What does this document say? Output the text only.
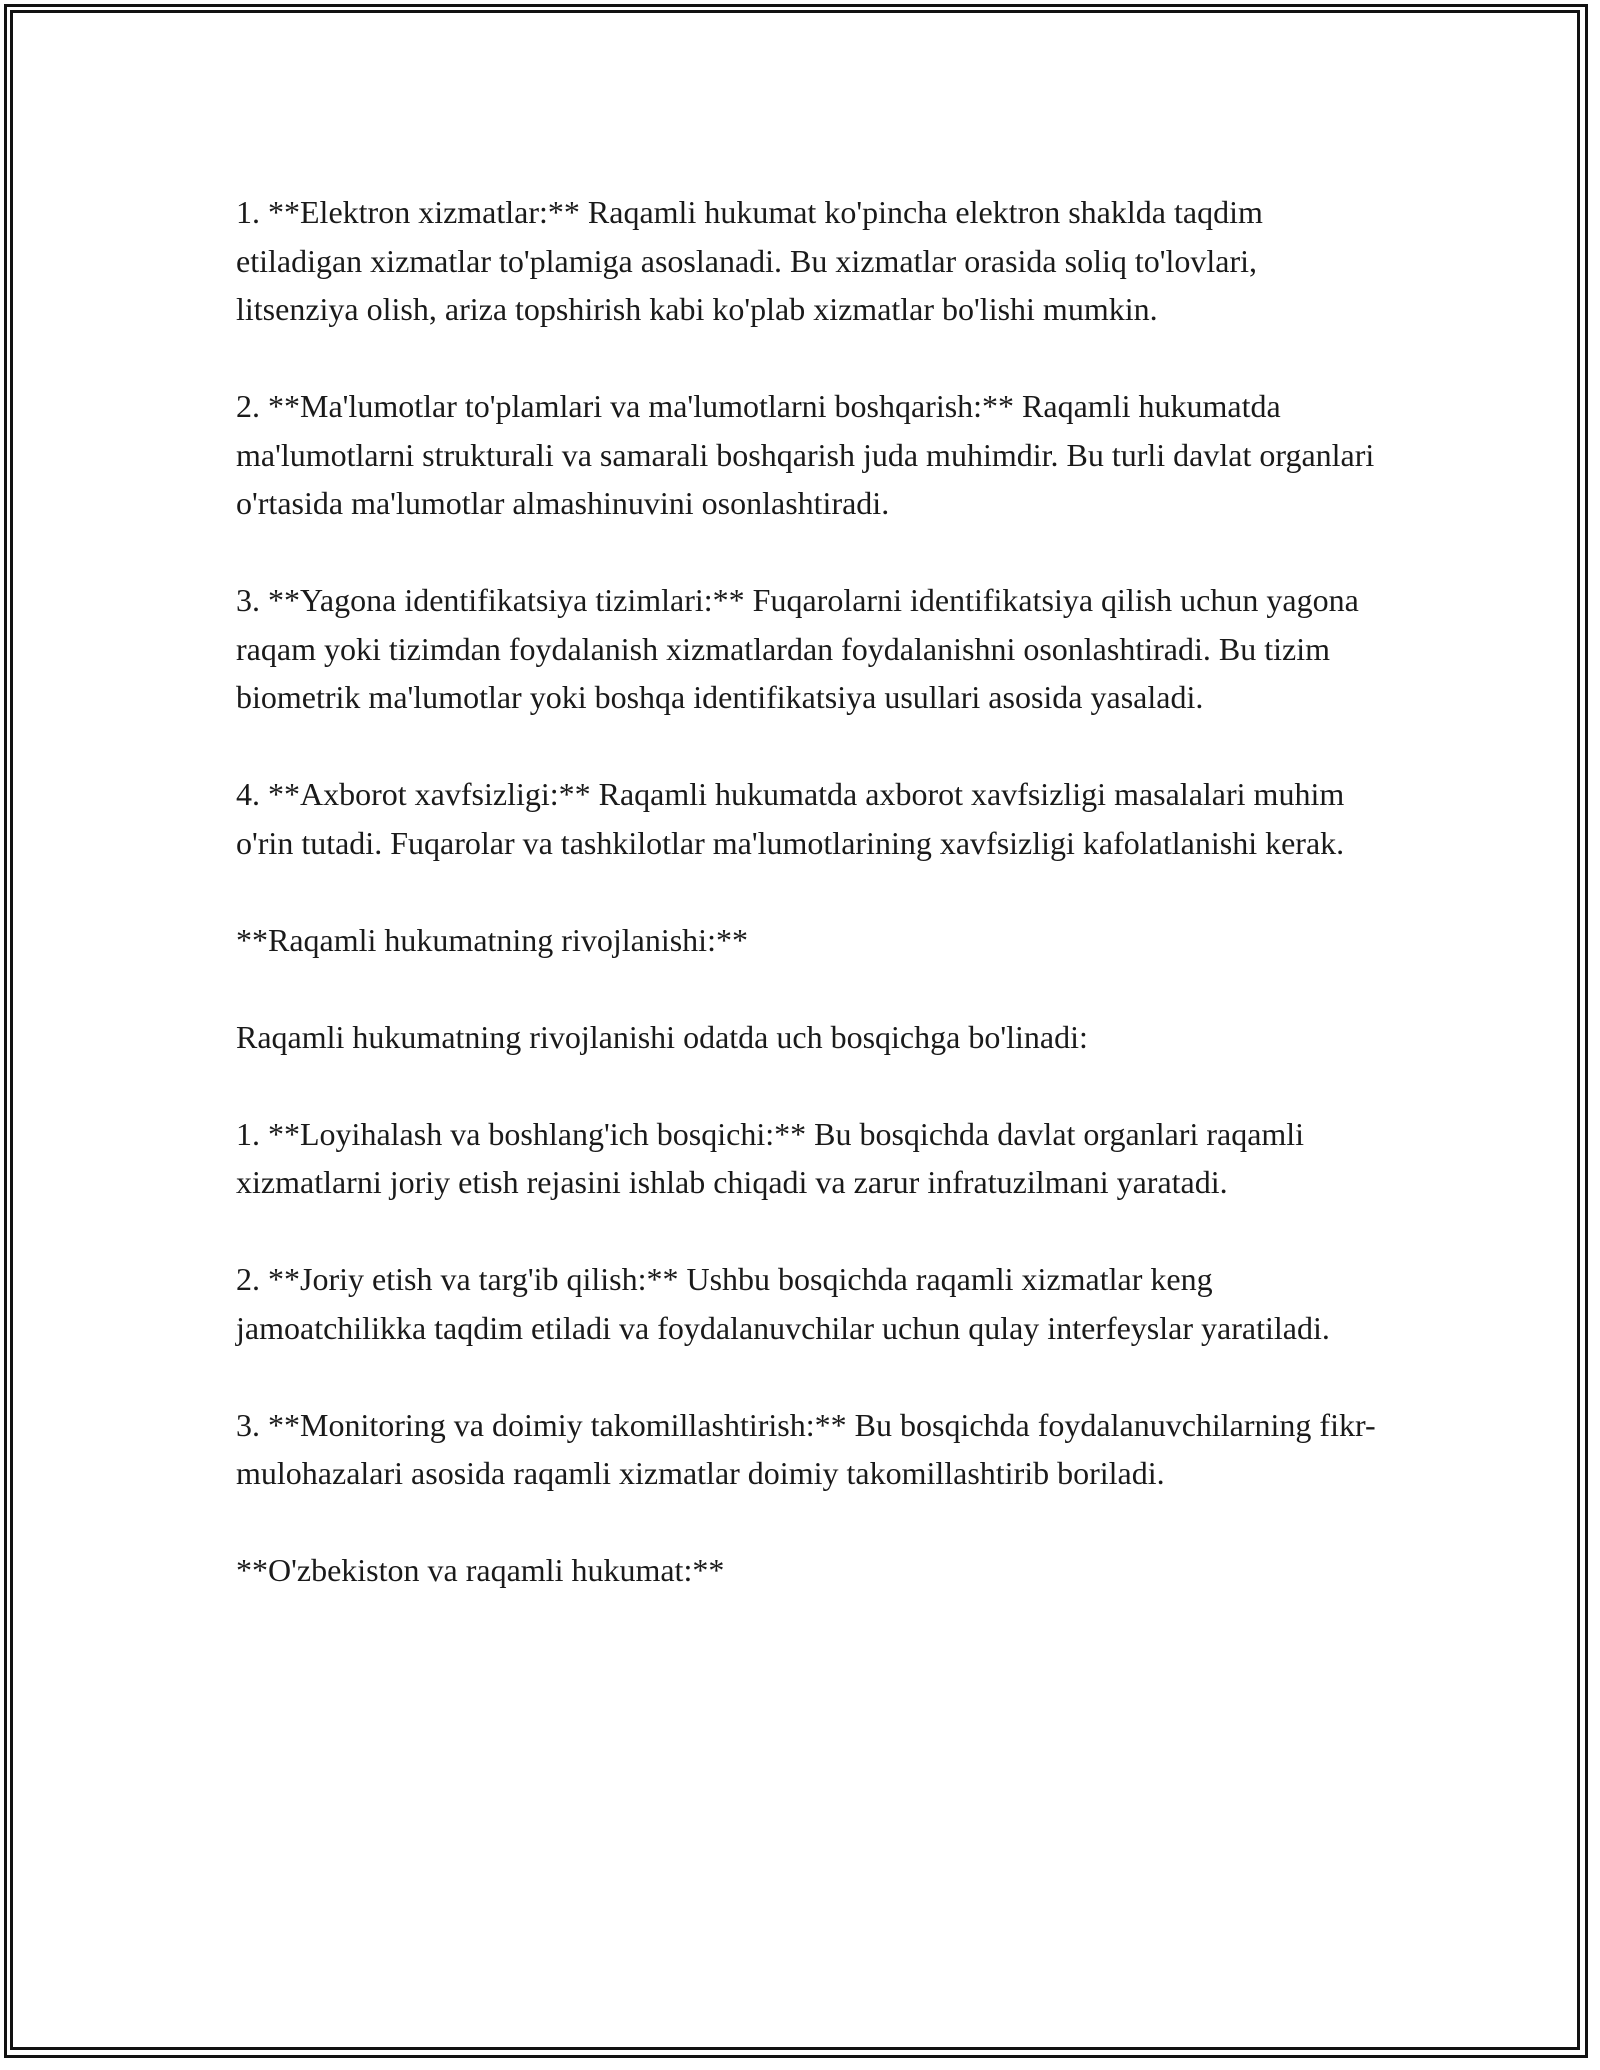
1. **Elektron xizmatlar:** Raqamli hukumat ko'pincha elektron shakldа taqdim etiladigan xizmatlar to'plamiga asoslanadi. Bu xizmatlar orasida soliq to'lovlari, litsenziya olish, ariza topshirish kabi ko'plab xizmatlar bo'lishi mumkin.

2. **Ma'lumotlar to'plamlari va ma'lumotlarni boshqarish:** Raqamli hukumatda ma'lumotlarni strukturali va samarali boshqarish juda muhimdir. Bu turli davlat organlari o'rtasida ma'lumotlar almashinuvini osonlashtiradi.

3. **Yagona identifikatsiya tizimlari:** Fuqarolarni identifikatsiya qilish uchun yagona raqam yoki tizimdan foydalanish xizmatlardan foydalanishni osonlashtiradi. Bu tizim biometrik ma'lumotlar yoki boshqa identifikatsiya usullari asosida yasaladi.

4. **Axborot xavfsizligi:** Raqamli hukumatda axborot xavfsizligi masalalari muhim o'rin tutadi. Fuqarolar va tashkilotlar ma'lumotlarining xavfsizligi kafolatlanishi kerak.

**Raqamli hukumatning rivojlanishi:**

Raqamli hukumatning rivojlanishi odatda uch bosqichga bo'linadi:

1. **Loyihalash va boshlang'ich bosqichi:** Bu bosqichda davlat organlari raqamli xizmatlarni joriy etish rejasini ishlab chiqadi va zarur infratuzilmani yaratadi.

2. **Joriy etish va targ'ib qilish:** Ushbu bosqichda raqamli xizmatlar keng jamoatchilikka taqdim etiladi va foydalanuvchilar uchun qulay interfeyslar yaratiladi.

3. **Monitoring va doimiy takomillashtirish:** Bu bosqichda foydalanuvchilarning fikr-mulohazalari asosida raqamli xizmatlar doimiy takomillashtirib boriladi.

**O'zbekiston va raqamli hukumat:**
